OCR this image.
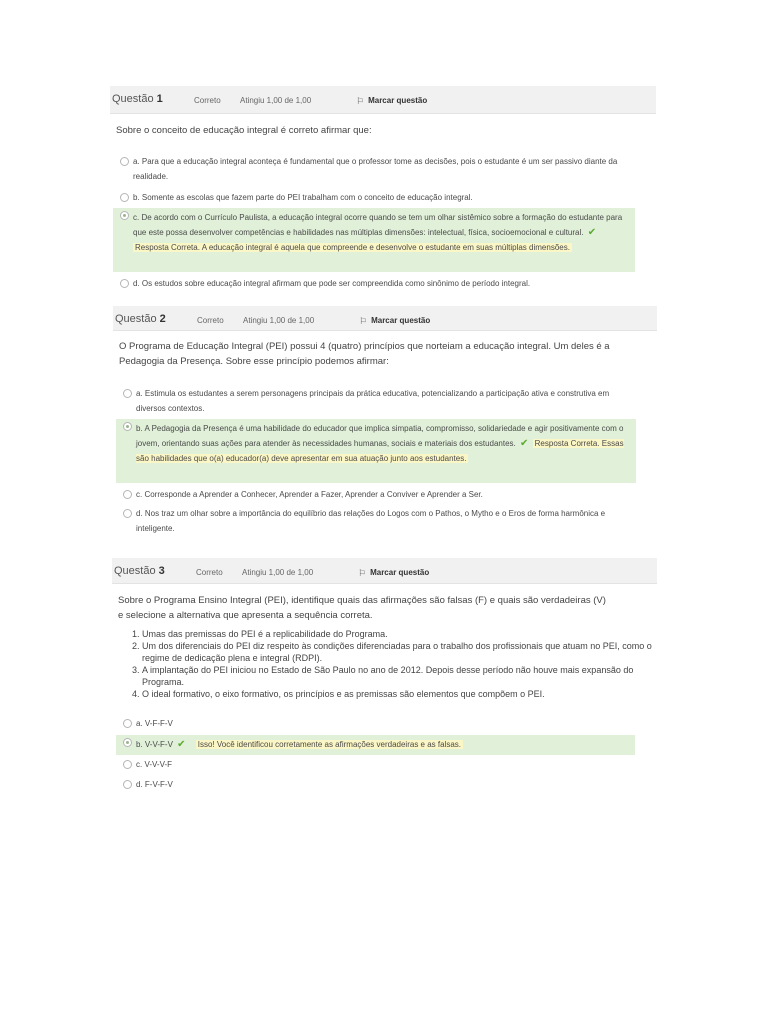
Questão 1	Correto Atingiu 1,00 de 1,00	⚐ Marcar questão
Sobre o conceito de educação integral é correto afirmar que:
a. Para que a educação integral aconteça é fundamental que o professor tome as decisões, pois o estudante é um ser passivo diante da realidade.
b. Somente as escolas que fazem parte do PEI trabalham com o conceito de educação integral.
c. De acordo com o Currículo Paulista, a educação integral ocorre quando se tem um olhar sistêmico sobre a formação do estudante para que este possa desenvolver competências e habilidades nas múltiplas dimensões: intelectual, física, socioemocional e cultural. ✔ Resposta Correta. A educação integral é aquela que compreende e desenvolve o estudante em suas múltiplas dimensões.
d. Os estudos sobre educação integral afirmam que pode ser compreendida como sinônimo de período integral.
Questão 2	Correto Atingiu 1,00 de 1,00	⚐ Marcar questão
O Programa de Educação Integral (PEI) possui 4 (quatro) princípios que norteiam a educação integral. Um deles é a Pedagogia da Presença. Sobre esse princípio podemos afirmar:
a. Estimula os estudantes a serem personagens principais da prática educativa, potencializando a participação ativa e construtiva em diversos contextos.
b. A Pedagogia da Presença é uma habilidade do educador que implica simpatia, compromisso, solidariedade e agir positivamente com o jovem, orientando suas ações para atender às necessidades humanas, sociais e materiais dos estudantes. ✔ Resposta Correta. Essas são habilidades que o(a) educador(a) deve apresentar em sua atuação junto aos estudantes.
c. Corresponde a Aprender a Conhecer, Aprender a Fazer, Aprender a Conviver e Aprender a Ser.
d. Nos traz um olhar sobre a importância do equilíbrio das relações do Logos com o Pathos, o Mytho e o Eros de forma harmônica e inteligente.
Questão 3	Correto Atingiu 1,00 de 1,00	⚐ Marcar questão
Sobre o Programa Ensino Integral (PEI), identifique quais das afirmações são falsas (F) e quais são verdadeiras (V) e selecione a alternativa que apresenta a sequência correta.
1. Umas das premissas do PEI é a replicabilidade do Programa.
2. Um dos diferenciais do PEI diz respeito às condições diferenciadas para o trabalho dos profissionais que atuam no PEI, como o regime de dedicação plena e integral (RDPI).
3. A implantação do PEI iniciou no Estado de São Paulo no ano de 2012. Depois desse período não houve mais expansão do Programa.
4. O ideal formativo, o eixo formativo, os princípios e as premissas são elementos que compõem o PEI.
a. V-F-F-V
b. V-V-F-V ✔ Isso! Você identificou corretamente as afirmações verdadeiras e as falsas.
c. V-V-V-F
d. F-V-F-V
